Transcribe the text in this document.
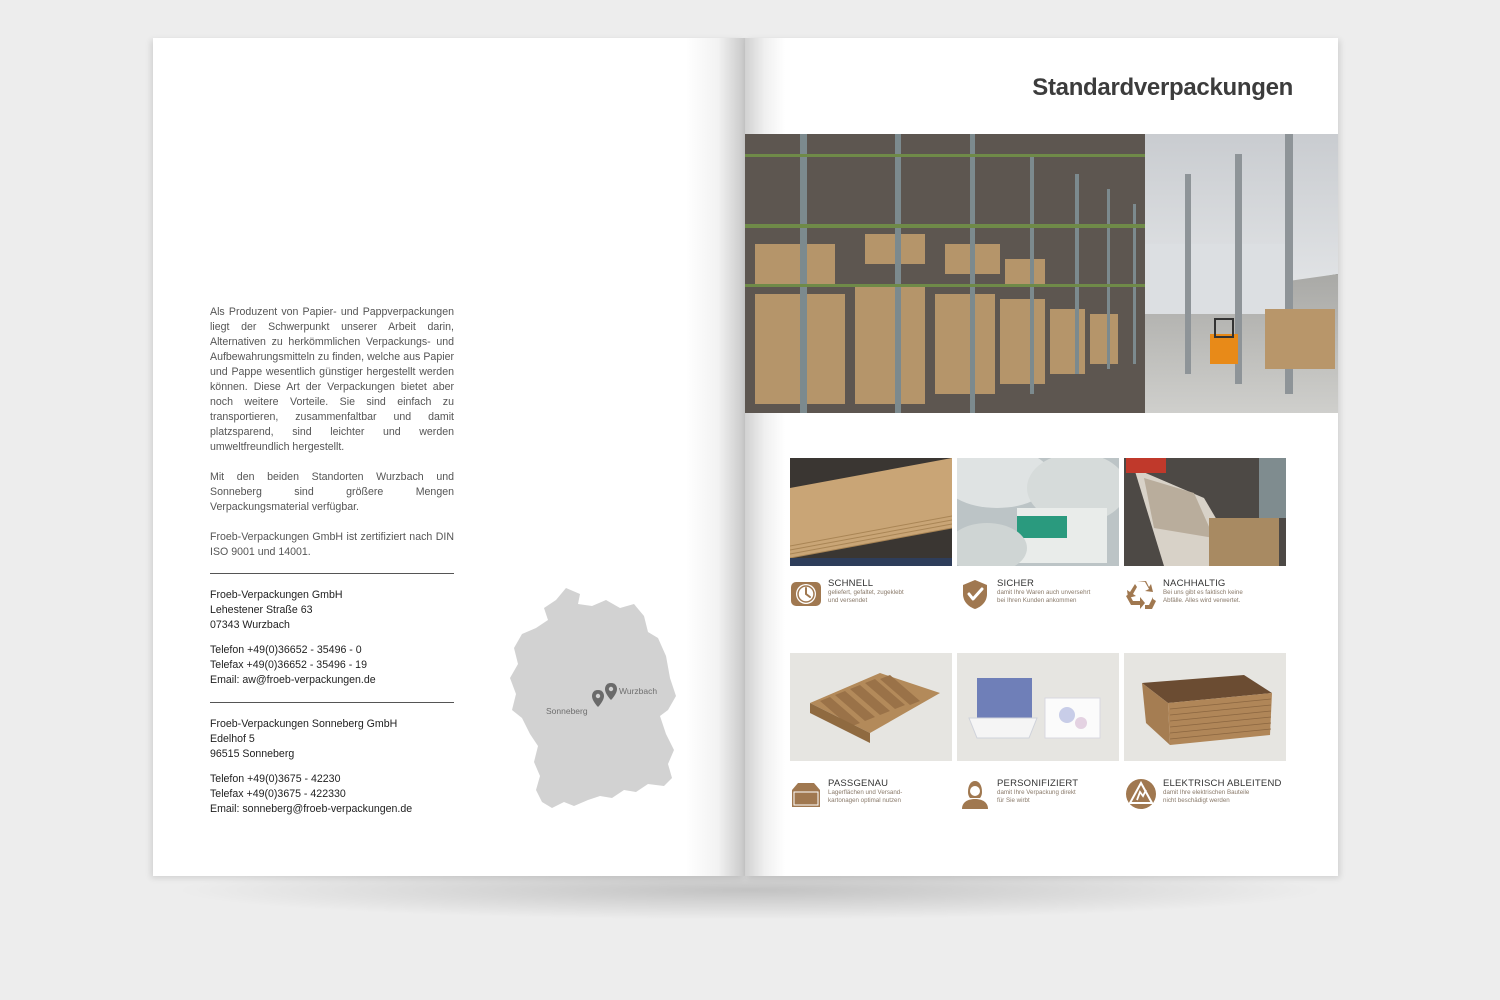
Als Produzent von Papier- und Pappverpackungen liegt der Schwerpunkt unserer Arbeit darin, Alternativen zu herkömmlichen Verpackungs- und Aufbewahrungsmitteln zu finden, welche aus Papier und Pappe wesentlich günstiger hergestellt werden können. Diese Art der Verpackungen bietet aber noch weitere Vorteile. Sie sind einfach zu transportieren, zusammenfaltbar und damit platzsparend, sind leichter und werden umweltfreundlich hergestellt.

Mit den beiden Standorten Wurzbach und Sonneberg sind größere Mengen Verpackungsmaterial verfügbar.

Froeb-Verpackungen GmbH ist zertifiziert nach DIN ISO 9001 und 14001.

Froeb-Verpackungen GmbH
Lehestener Straße 63
07343 Wurzbach
Telefon +49(0)36652 - 35496 - 0
Telefax +49(0)36652 - 35496 - 19
Email: aw@froeb-verpackungen.de
Froeb-Verpackungen Sonneberg GmbH
Edelhof 5
96515 Sonneberg
Telefon +49(0)3675 - 42230
Telefax +49(0)3675 - 422330
Email: sonneberg@froeb-verpackungen.de
Wurzbach
Sonneberg
Standardverpackungen
SCHNELL
geliefert, gefaltet, zugeklebt
und versendet
SICHER
damit Ihre Waren auch unversehrt
bei Ihren Kunden ankommen
NACHHALTIG
Bei uns gibt es faktisch keine
Abfälle. Alles wird verwertet.
PASSGENAU
Lagerflächen und Versand-
kartonagen optimal nutzen
PERSONIFIZIERT
damit Ihre Verpackung direkt
für Sie wirbt
ELEKTRISCH ABLEITEND
damit Ihre elektrischen Bauteile
nicht beschädigt werden
